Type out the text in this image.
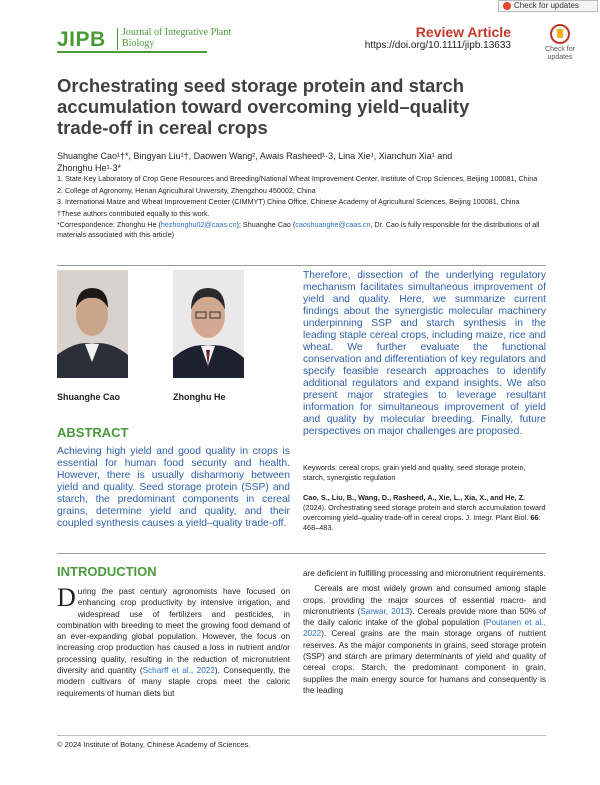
Check for updates
JIPB Journal of Integrative Plant Biology
Review Article
https://doi.org/10.1111/jipb.13633	Check for updates
Orchestrating seed storage protein and starch accumulation toward overcoming yield–quality trade-off in cereal crops
Shuanghe Cao¹†*, Bingyan Liu¹†, Daowen Wang², Awais Rasheed¹·3, Lina Xie¹, Xianchun Xia¹ and
Zhonghu He¹·3*

1. State Key Laboratory of Crop Gene Resources and Breeding/National Wheat Improvement Center, Institute of Crop Sciences, Beijing 100081, China

2. College of Agronomy, Henan Agricultural University, Zhengzhou 450002, China

3. International Maize and Wheat Improvement Center (CIMMYT) China Office, Chinese Academy of Agricultural Sciences, Beijing 100081, China

†These authors contributed equally to this work.

*Correspondence: Zhonghu He (hezhonghu02@caas.cn); Shuanghe Cao (caoshuanghe@caas.cn, Dr. Cao is fully responsible for the distributions of all materials associated with this article)

Shuanghe Cao	Zhonghu He
ABSTRACT
Achieving high yield and good quality in crops is essential for human food security and health. However, there is usually disharmony between yield and quality. Seed storage protein (SSP) and starch, the predominant components in cereal grains, determine yield and quality, and their coupled synthesis causes a yield–quality trade-off.
Therefore, dissection of the underlying regulatory mechanism facilitates simultaneous improvement of yield and quality. Here, we summarize current findings about the synergistic molecular machinery underpinning SSP and starch synthesis in the leading staple cereal crops, including maize, rice and wheat. We further evaluate the functional conservation and differentiation of key regulators and specify feasible research approaches to identify additional regulators and expand insights. We also present major strategies to leverage resultant information for simultaneous improvement of yield and quality by molecular breeding. Finally, future perspectives on major challenges are proposed.
Keywords: cereal crops, grain yield and quality, seed storage protein, starch, synergistic regulation
Cao, S., Liu, B., Wang, D., Rasheed, A., Xie, L., Xia, X., and He, Z. (2024). Orchestrating seed storage protein and starch accumulation toward overcoming yield–quality trade-off in cereal crops. J. Integr. Plant Biol. 66: 468–483.
INTRODUCTION
During the past century agronomists have focused on enhancing crop productivity by intensive irrigation, and widespread use of fertilizers and pesticides, in combination with breeding to meet the growing food demand of an ever-expanding global population. However, the focus on increasing crop production has caused a loss in nutrient and/or processing quality, resulting in the reduction of micronutrient diversity and quantity (Scharff et al., 2022). Consequently, the modern cultivars of many staple crops meet the caloric requirements of human diets but

are deficient in fulfilling processing and micronutrient requirements.

Cereals are most widely grown and consumed among staple crops, providing the major sources of essential macro- and micronutrients (Sarwar, 2013). Cereals provide more than 50% of the daily caloric intake of the global population (Poutanen et al., 2022). Cereal grains are the main storage organs of nutrient reserves. As the major components in grains, seed storage protein (SSP) and starch are primary determinants of yield and quality of cereal crops. Starch, the predominant component in grain, supplies the main energy source for humans and consequently is the leading

© 2024 Institute of Botany, Chinese Academy of Sciences.
